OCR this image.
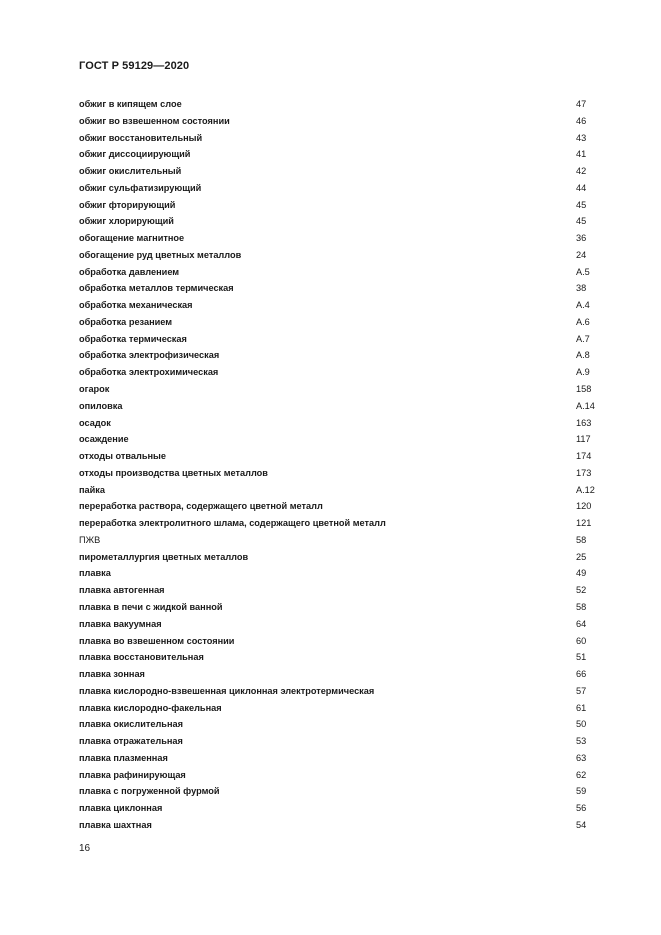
ГОСТ Р 59129—2020
обжиг в кипящем слое	47
обжиг во взвешенном состоянии	46
обжиг восстановительный	43
обжиг диссоциирующий	41
обжиг окислительный	42
обжиг сульфатизирующий	44
обжиг фторирующий	45
обжиг хлорирующий	45
обогащение магнитное	36
обогащение руд цветных металлов	24
обработка давлением	А.5
обработка металлов термическая	38
обработка механическая	А.4
обработка резанием	А.6
обработка термическая	А.7
обработка электрофизическая	А.8
обработка электрохимическая	А.9
огарок	158
опиловка	А.14
осадок	163
осаждение	117
отходы отвальные	174
отходы производства цветных металлов	173
пайка	А.12
переработка раствора, содержащего цветной металл	120
переработка электролитного шлама, содержащего цветной металл	121
ПЖВ	58
пирометаллургия цветных металлов	25
плавка	49
плавка автогенная	52
плавка в печи с жидкой ванной	58
плавка вакуумная	64
плавка во взвешенном состоянии	60
плавка восстановительная	51
плавка зонная	66
плавка кислородно-взвешенная циклонная электротермическая	57
плавка кислородно-факельная	61
плавка окислительная	50
плавка отражательная	53
плавка плазменная	63
плавка рафинирующая	62
плавка с погруженной фурмой	59
плавка циклонная	56
плавка шахтная	54
16
